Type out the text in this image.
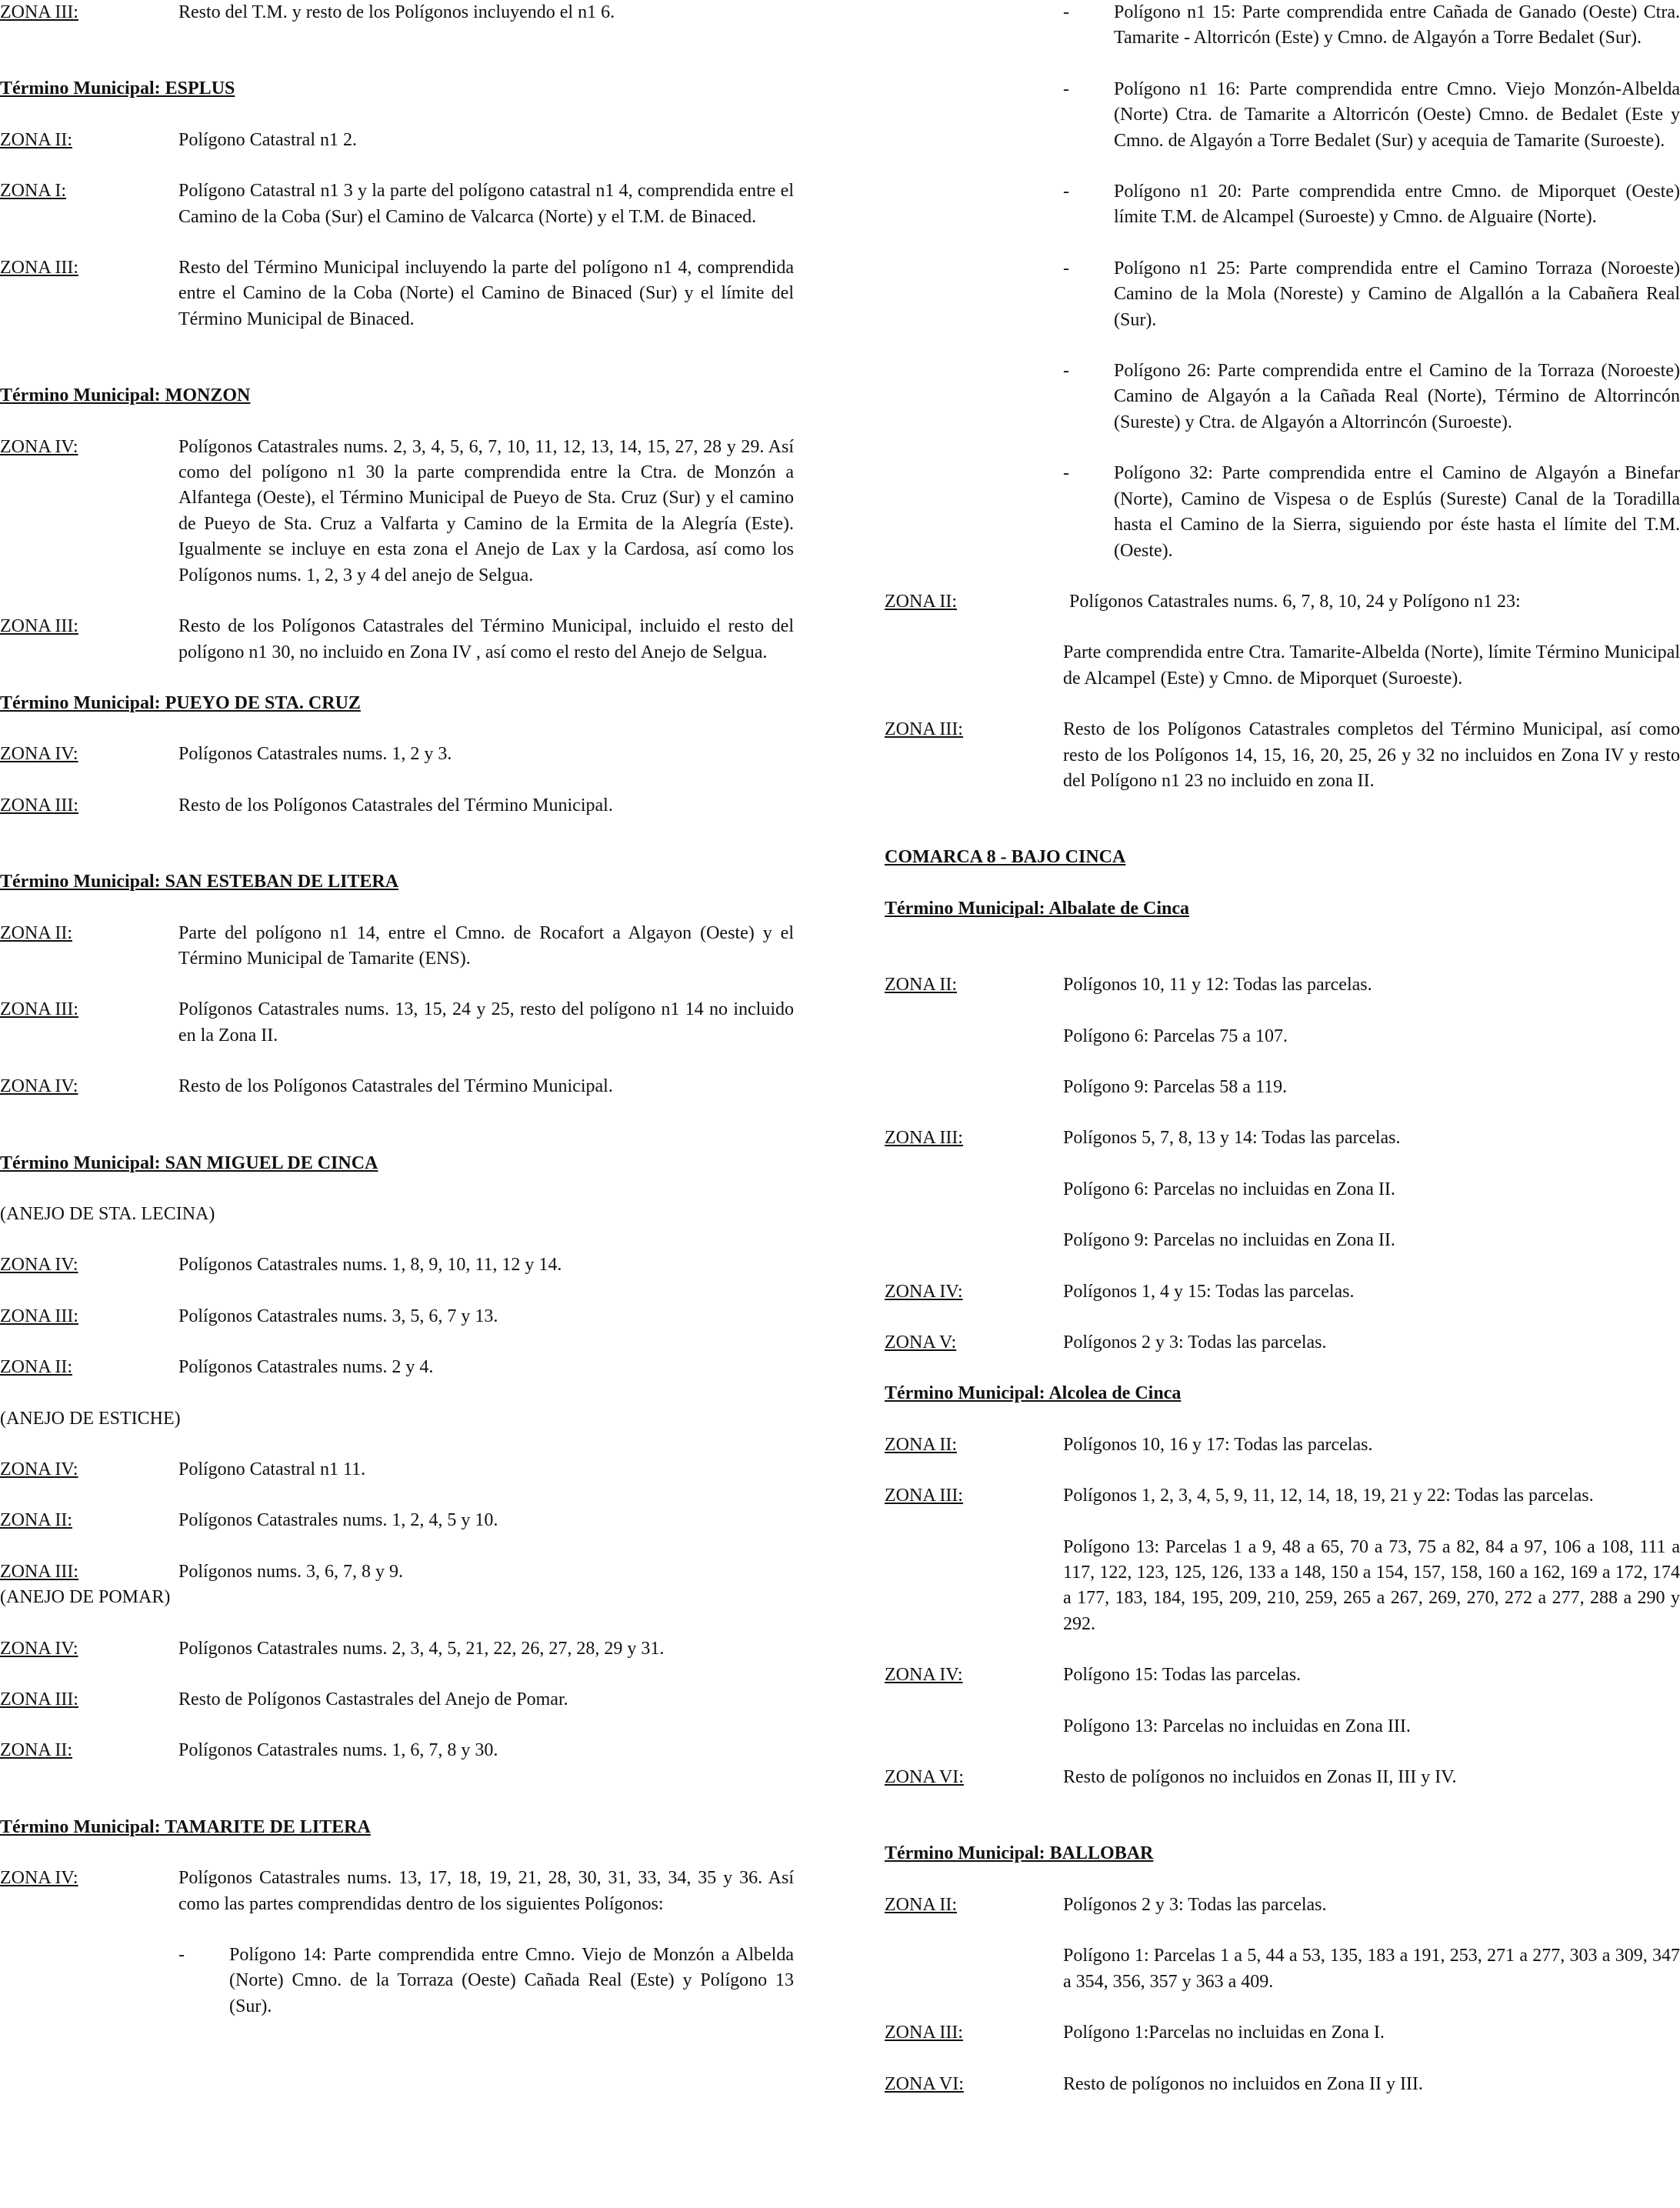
ZONA III:	Resto del T.M. y resto de los Polígonos incluyendo el n1 6.
Término Municipal: ESPLUS
ZONA II:	Polígono Catastral n1 2.
ZONA I:	Polígono Catastral n1 3 y la parte del polígono catastral n1 4, comprendida entre el Camino de la Coba (Sur) el Camino de Valcarca (Norte) y el T.M. de Binaced.
ZONA III:	Resto del Término Municipal incluyendo la parte del polígono n1 4, comprendida entre el Camino de la Coba (Norte) el Camino de Binaced (Sur) y el límite del Término Municipal de Binaced.
Término Municipal: MONZON
ZONA IV:	Polígonos Catastrales nums. 2, 3, 4, 5, 6, 7, 10, 11, 12, 13, 14, 15, 27, 28 y 29. Así como del polígono n1 30 la parte comprendida entre la Ctra. de Monzón a Alfantega (Oeste), el Término Municipal de Pueyo de Sta. Cruz (Sur) y el camino de Pueyo de Sta. Cruz a Valfarta y Camino de la Ermita de la Alegría (Este). Igualmente se incluye en esta zona el Anejo de Lax y la Cardosa, así como los Polígonos nums. 1, 2, 3 y 4 del anejo de Selgua.
ZONA III:	Resto de los Polígonos Catastrales del Término Municipal, incluido el resto del polígono n1 30, no incluido en Zona IV , así como el resto del Anejo de Selgua.
Término Municipal: PUEYO DE STA. CRUZ
ZONA IV:	Polígonos Catastrales nums. 1, 2 y 3.
ZONA III:	Resto de los Polígonos Catastrales del Término Municipal.
Término Municipal: SAN ESTEBAN DE LITERA
ZONA II:	Parte del polígono n1 14, entre el Cmno. de Rocafort a Algayon (Oeste) y el Término Municipal de Tamarite (ENS).
ZONA III:	Polígonos Catastrales nums. 13, 15, 24 y 25, resto del polígono n1 14 no incluido en la Zona II.
ZONA IV:	Resto de los Polígonos Catastrales del Término Municipal.
Término Municipal: SAN MIGUEL DE CINCA
(ANEJO DE STA. LECINA)
ZONA IV:	Polígonos Catastrales nums. 1, 8, 9, 10, 11, 12 y 14.
ZONA III:	Polígonos Catastrales nums. 3, 5, 6, 7 y 13.
ZONA II:	Polígonos Catastrales nums. 2 y 4.
(ANEJO DE ESTICHE)
ZONA IV:	Polígono Catastral n1 11.
ZONA II:	Polígonos Catastrales nums. 1, 2, 4, 5 y 10.
ZONA III:	Polígonos nums. 3, 6, 7, 8 y 9.
(ANEJO DE POMAR)
ZONA IV:	Polígonos Catastrales nums. 2, 3, 4, 5, 21, 22, 26, 27, 28, 29 y 31.
ZONA III:	Resto de Polígonos Castastrales del Anejo de Pomar.
ZONA II:	Polígonos Catastrales nums. 1, 6, 7, 8 y 30.
Término Municipal: TAMARITE DE LITERA
ZONA IV:	Polígonos Catastrales nums. 13, 17, 18, 19, 21, 28, 30, 31, 33, 34, 35 y 36. Así como las partes comprendidas dentro de los siguientes Polígonos:
-	Polígono 14: Parte comprendida entre Cmno. Viejo de Monzón a Albelda (Norte) Cmno. de la Torraza (Oeste) Cañada Real (Este) y Polígono 13 (Sur).
-	Polígono n1 15: Parte comprendida entre Cañada de Ganado (Oeste) Ctra. Tamarite - Altorricón (Este) y Cmno. de Algayón a Torre Bedalet (Sur).
-	Polígono n1 16: Parte comprendida entre Cmno. Viejo Monzón-Albelda (Norte) Ctra. de Tamarite a Altorricón (Oeste) Cmno. de Bedalet (Este y Cmno. de Algayón a Torre Bedalet (Sur) y acequia de Tamarite (Suroeste).
-	Polígono n1 20: Parte comprendida entre Cmno. de Miporquet (Oeste) límite T.M. de Alcampel (Suroeste) y Cmno. de Alguaire (Norte).
-	Polígono n1 25: Parte comprendida entre el Camino Torraza (Noroeste) Camino de la Mola (Noreste) y Camino de Algallón a la Cabañera Real (Sur).
-	Polígono 26: Parte comprendida entre el Camino de la Torraza (Noroeste) Camino de Algayón a la Cañada Real (Norte), Término de Altorrincón (Sureste) y Ctra. de Algayón a Altorrincón (Suroeste).
-	Polígono 32: Parte comprendida entre el Camino de Algayón a Binefar (Norte), Camino de Vispesa o de Esplús (Sureste) Canal de la Toradilla hasta el Camino de la Sierra, siguiendo por éste hasta el límite del T.M. (Oeste).
ZONA II:	Polígonos Catastrales nums. 6, 7, 8, 10, 24 y Polígono n1 23:

Parte comprendida entre Ctra. Tamarite-Albelda (Norte), límite Término Municipal de Alcampel (Este) y Cmno. de Miporquet (Suroeste).

ZONA III:	Resto de los Polígonos Catastrales completos del Término Municipal, así como resto de los Polígonos 14, 15, 16, 20, 25, 26 y 32 no incluidos en Zona IV y resto del Polígono n1 23 no incluido en zona II.
COMARCA 8 - BAJO CINCA
Término Municipal: Albalate de Cinca
ZONA II:	Polígonos 10, 11 y 12: Todas las parcelas.

Polígono 6: Parcelas 75 a 107.

Polígono 9: Parcelas 58 a 119.

ZONA III:	Polígonos 5, 7, 8, 13 y 14: Todas las parcelas.

Polígono 6: Parcelas no incluidas en Zona II.

Polígono 9: Parcelas no incluidas en Zona II.

ZONA IV:	Polígonos 1, 4 y 15: Todas las parcelas.
ZONA V:	Polígonos 2 y 3: Todas las parcelas.
Término Municipal: Alcolea de Cinca
ZONA II:	Polígonos 10, 16 y 17: Todas las parcelas.
ZONA III:	Polígonos 1, 2, 3, 4, 5, 9, 11, 12, 14, 18, 19, 21 y 22: Todas las parcelas.

Polígono 13: Parcelas 1 a 9, 48 a 65, 70 a 73, 75 a 82, 84 a 97, 106 a 108, 111 a 117, 122, 123, 125, 126, 133 a 148, 150 a 154, 157, 158, 160 a 162, 169 a 172, 174 a 177, 183, 184, 195, 209, 210, 259, 265 a 267, 269, 270, 272 a 277, 288 a 290 y 292.

ZONA IV:	Polígono 15: Todas las parcelas.

Polígono 13: Parcelas no incluidas en Zona III.

ZONA VI:	Resto de polígonos no incluidos en Zonas II, III y IV.
Término Municipal: BALLOBAR
ZONA II:	Polígonos 2 y 3: Todas las parcelas.

Polígono 1: Parcelas 1 a 5, 44 a 53, 135, 183 a 191, 253, 271 a 277, 303 a 309, 347 a 354, 356, 357 y 363 a 409.

ZONA III:	Polígono 1:Parcelas no incluidas en Zona I.
ZONA VI:	Resto de polígonos no incluidos en Zona II y III.
